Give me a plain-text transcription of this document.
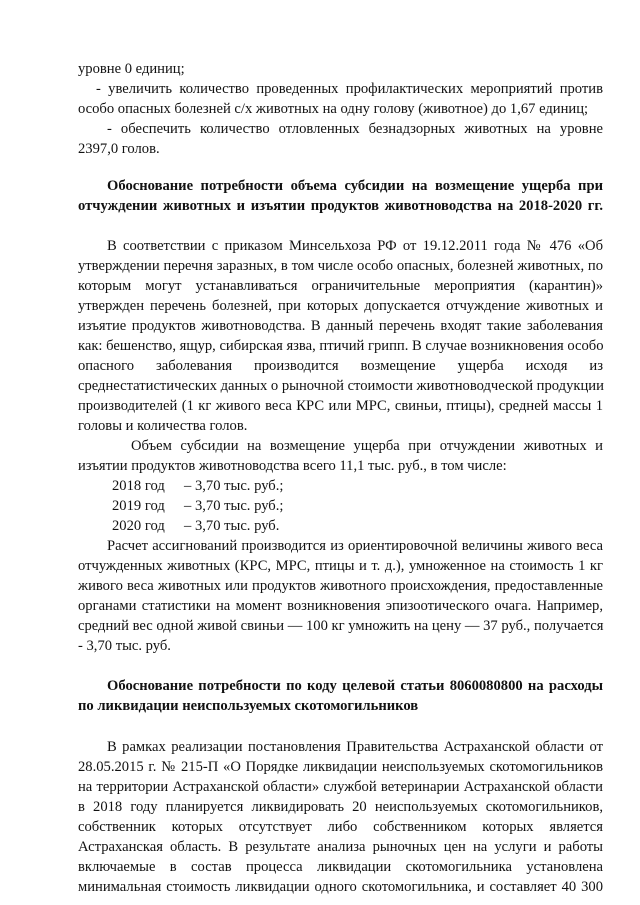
уровне 0 единиц;
- увеличить количество проведенных профилактических мероприятий против
особо опасных болезней с/х животных на одну голову (животное) до 1,67 единиц;
- обеспечить количество отловленных безнадзорных животных на уровне
2397,0 голов.
Обоснование потребности объема субсидии на возмещение ущерба при
отчуждении животных и изъятии продуктов животноводства на 2018-2020 гг.
В соответствии с приказом Минсельхоза РФ от 19.12.2011 года № 476 «Об
утверждении перечня заразных, в том числе особо опасных, болезней животных, по
которым могут устанавливаться ограничительные мероприятия (карантин)»
утвержден перечень болезней, при которых допускается отчуждение животных и
изъятие продуктов животноводства. В данный перечень входят такие заболевания
как: бешенство, ящур, сибирская язва, птичий грипп. В случае возникновения особо
опасного заболевания производится возмещение ущерба исходя из
среднестатистических данных о рыночной стоимости животноводческой продукции
производителей (1 кг живого веса КРС или МРС, свиньи, птицы), средней массы 1
головы и количества голов.
Объем субсидии на возмещение ущерба при отчуждении животных и
изъятии продуктов животноводства всего 11,1 тыс. руб., в том числе:
2018 год – 3,70 тыс. руб.;
2019 год – 3,70 тыс. руб.;
2020 год – 3,70 тыс. руб.
Расчет ассигнований производится из ориентировочной величины живого веса
отчужденных животных (КРС, МРС, птицы и т. д.), умноженное на стоимость 1 кг
живого веса животных или продуктов животного происхождения, предоставленные
органами статистики на момент возникновения эпизоотического очага. Например,
средний вес одной живой свиньи — 100 кг умножить на цену — 37 руб., получается
- 3,70 тыс. руб.
Обоснование потребности по коду целевой статьи 8060080800 на расходы
по ликвидации неиспользуемых скотомогильников
В рамках реализации постановления Правительства Астраханской области от
28.05.2015 г. № 215-П «О Порядке ликвидации неиспользуемых скотомогильников
на территории Астраханской области» службой ветеринарии Астраханской области
в 2018 году планируется ликвидировать 20 неиспользуемых скотомогильников,
собственник которых отсутствует либо собственником которых является
Астраханская область. В результате анализа рыночных цен на услуги и работы
включаемые в состав процесса ликвидации скотомогильника установлена
минимальная стоимость ликвидации одного скотомогильника, и составляет 40 300
